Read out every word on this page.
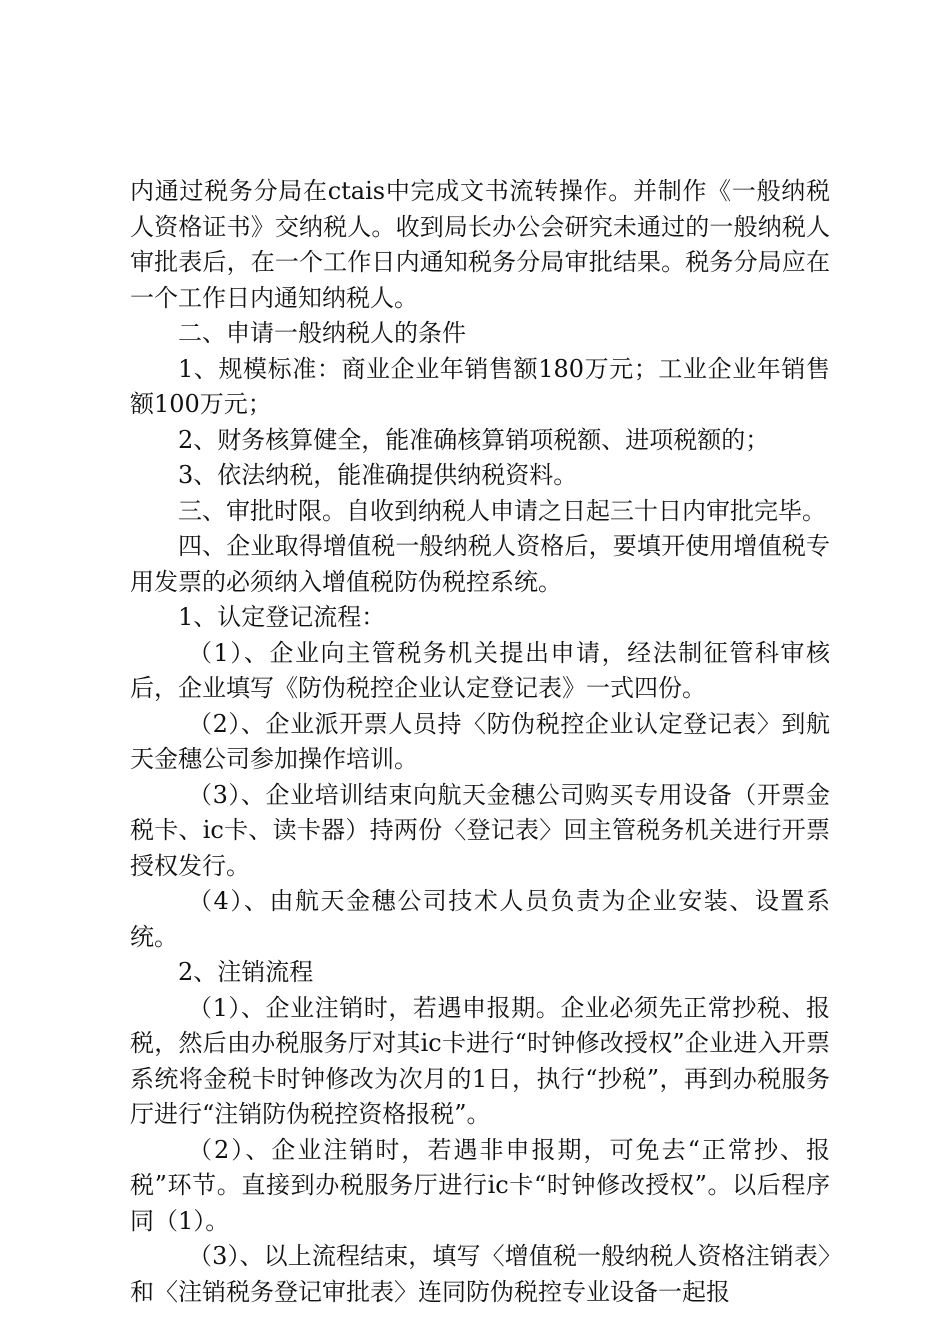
内通过税务分局在ctais中完成文书流转操作。并制作《一般纳税人资格证书》交纳税人。收到局长办公会研究未通过的一般纳税人审批表后，在一个工作日内通知税务分局审批结果。税务分局应在一个工作日内通知纳税人。

二、申请一般纳税人的条件

1、规模标准：商业企业年销售额180万元；工业企业年销售额100万元；

2、财务核算健全，能准确核算销项税额、进项税额的；

3、依法纳税，能准确提供纳税资料。

三、审批时限。自收到纳税人申请之日起三十日内审批完毕。

四、企业取得增值税一般纳税人资格后，要填开使用增值税专用发票的必须纳入增值税防伪税控系统。

1、认定登记流程：

（1）、企业向主管税务机关提出申请，经法制征管科审核后，企业填写《防伪税控企业认定登记表》一式四份。

（2）、企业派开票人员持〈防伪税控企业认定登记表〉到航天金穗公司参加操作培训。

（3）、企业培训结束向航天金穗公司购买专用设备（开票金税卡、ic卡、读卡器）持两份〈登记表〉回主管税务机关进行开票授权发行。

（4）、由航天金穗公司技术人员负责为企业安装、设置系统。

2、注销流程

（1）、企业注销时，若遇申报期。企业必须先正常抄税、报税，然后由办税服务厅对其ic卡进行“时钟修改授权”企业进入开票系统将金税卡时钟修改为次月的1日，执行“抄税”，再到办税服务厅进行“注销防伪税控资格报税”。

（2）、企业注销时，若遇非申报期，可免去“正常抄、报税”环节。直接到办税服务厅进行ic卡“时钟修改授权”。以后程序同（1）。

（3）、以上流程结束，填写〈增值税一般纳税人资格注销表〉和〈注销税务登记审批表〉连同防伪税控专业设备一起报
